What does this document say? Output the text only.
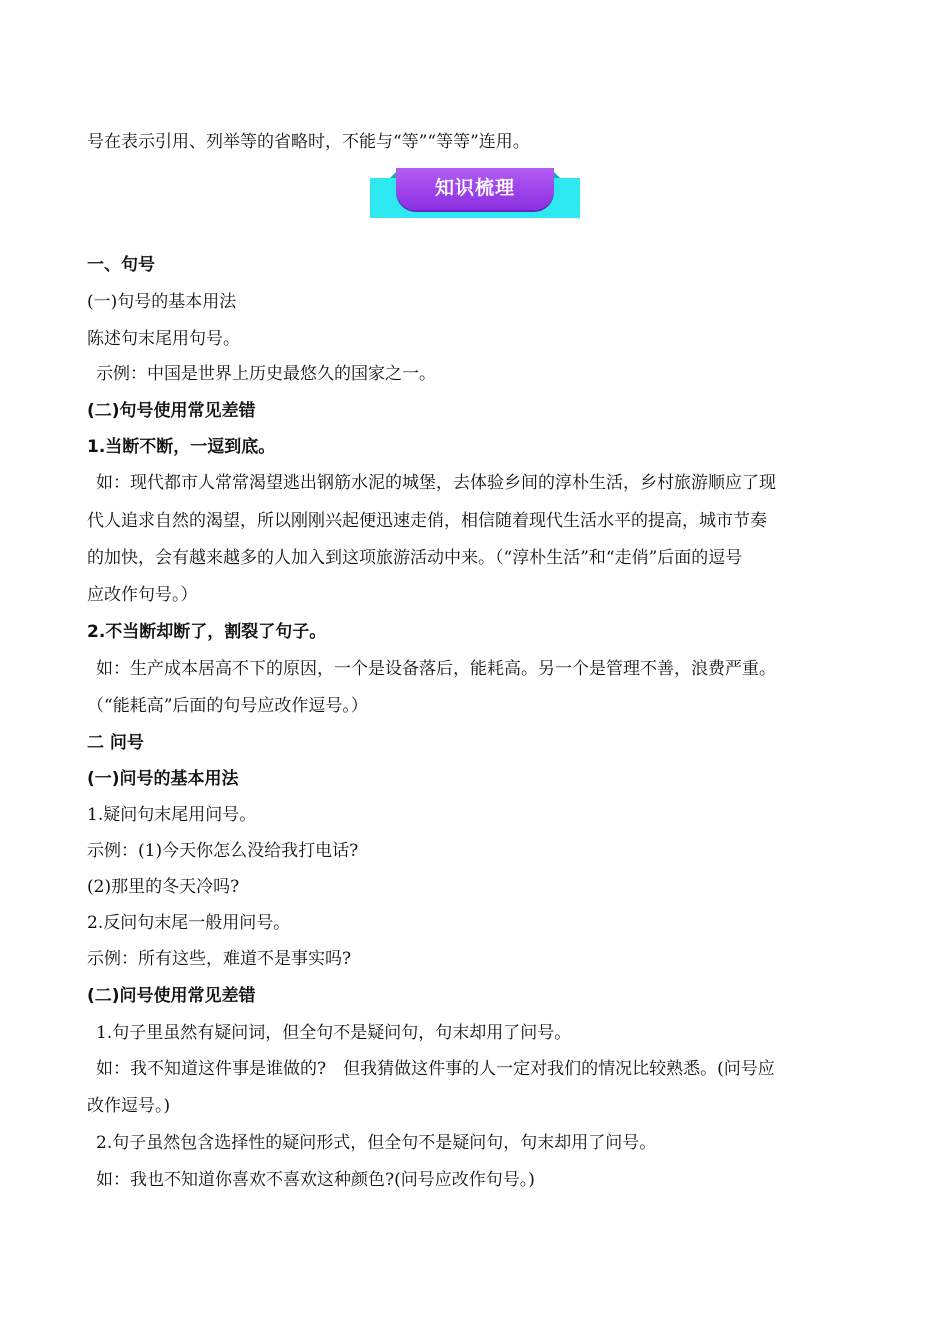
号在表示引用、列举等的省略时，不能与“等”“等等”连用。
知识梳理
一、句号
(一)句号的基本用法
陈述句末尾用句号。
示例：中国是世界上历史最悠久的国家之一。
(二)句号使用常见差错
1.当断不断，一逗到底。
如：现代都市人常常渴望逃出钢筋水泥的城堡，去体验乡间的淳朴生活，乡村旅游顺应了现
代人追求自然的渴望，所以刚刚兴起便迅速走俏，相信随着现代生活水平的提高，城市节奏
的加快，会有越来越多的人加入到这项旅游活动中来。（“淳朴生活”和“走俏”后面的逗号
应改作句号。）
2.不当断却断了，割裂了句子。
如：生产成本居高不下的原因，一个是设备落后，能耗高。另一个是管理不善，浪费严重。
（“能耗高”后面的句号应改作逗号。）
二 问号
(一)问号的基本用法
1.疑问句末尾用问号。
示例：(1)今天你怎么没给我打电话?
(2)那里的冬天冷吗?
2.反问句末尾一般用问号。
示例：所有这些，难道不是事实吗?
(二)问号使用常见差错
1.句子里虽然有疑问词，但全句不是疑问句，句末却用了问号。
如：我不知道这件事是谁做的?　但我猜做这件事的人一定对我们的情况比较熟悉。(问号应
改作逗号。)
2.句子虽然包含选择性的疑问形式，但全句不是疑问句，句末却用了问号。
如：我也不知道你喜欢不喜欢这种颜色?(问号应改作句号。)
